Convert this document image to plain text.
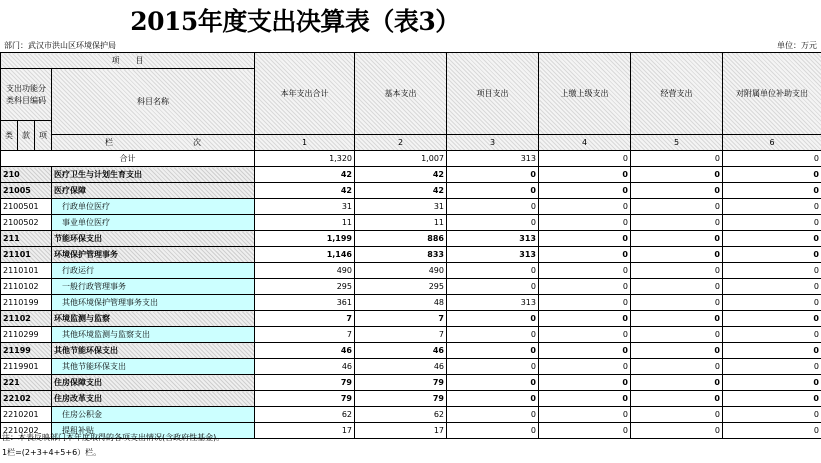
2015年度支出决算表（表3）
部门：武汉市洪山区环境保护局	单位：万元
项　　目				本年支出合计	基本支出	项目支出	上缴上级支出	经营支出	对附属单位补助支出
支出功能分类科目编码			科目名称						
类	款	项							
			栏　　　　　　　　　　 次	1	2	3	4	5	6
合计				1,320	1,007	313	0	0	0
210			医疗卫生与计划生育支出	42	42	0	0	0	0
21005			医疗保障	42	42	0	0	0	0
2100501			行政单位医疗	31	31	0	0	0	0
2100502			事业单位医疗	11	11	0	0	0	0
211			节能环保支出	1,199	886	313	0	0	0
21101			环境保护管理事务	1,146	833	313	0	0	0
2110101			行政运行	490	490	0	0	0	0
2110102			一般行政管理事务	295	295	0	0	0	0
2110199			其他环境保护管理事务支出	361	48	313	0	0	0
21102			环境监测与监察	7	7	0	0	0	0
2110299			其他环境监测与监察支出	7	7	0	0	0	0
21199			其他节能环保支出	46	46	0	0	0	0
2119901			其他节能环保支出	46	46	0	0	0	0
221			住房保障支出	79	79	0	0	0	0
22102			住房改革支出	79	79	0	0	0	0
2210201			住房公积金	62	62	0	0	0	0
2210202			提租补贴	17	17	0	0	0	0
注：本表反映部门本年度取得的各项支出情况(含政府性基金)。
1栏=(2+3+4+5+6）栏。
